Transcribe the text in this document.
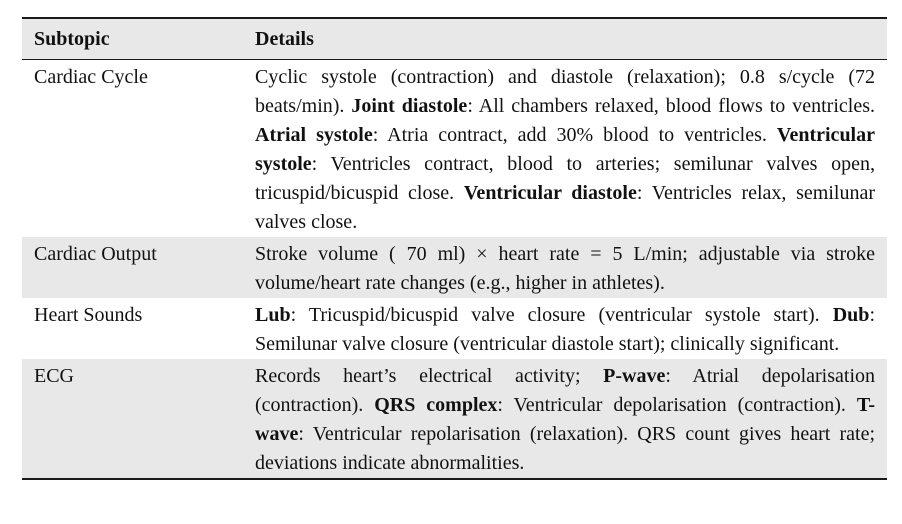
Subtopic	Details
Cardiac Cycle	Cyclic systole (contraction) and diastole (relaxation); 0.8 s/cycle (72 beats/min). Joint diastole: All chambers relaxed, blood flows to ventricles. Atrial systole: Atria contract, add 30% blood to ventricles. Ventricular systole: Ventricles contract, blood to arteries; semilunar valves open, tricuspid/bicuspid close. Ventricular diastole: Ventricles relax, semilunar valves close.
Cardiac Output	Stroke volume ( 70 ml) × heart rate = 5 L/min; adjustable via stroke volume/heart rate changes (e.g., higher in athletes).
Heart Sounds	Lub: Tricuspid/bicuspid valve closure (ventricular systole start). Dub: Semilunar valve closure (ventricular diastole start); clinically significant.
ECG	Records heart’s electrical activity; P-wave: Atrial depolarisation (contraction). QRS complex: Ventricular depolarisation (contraction). T-wave: Ventricular repolarisation (relaxation). QRS count gives heart rate; deviations indicate abnormalities.
